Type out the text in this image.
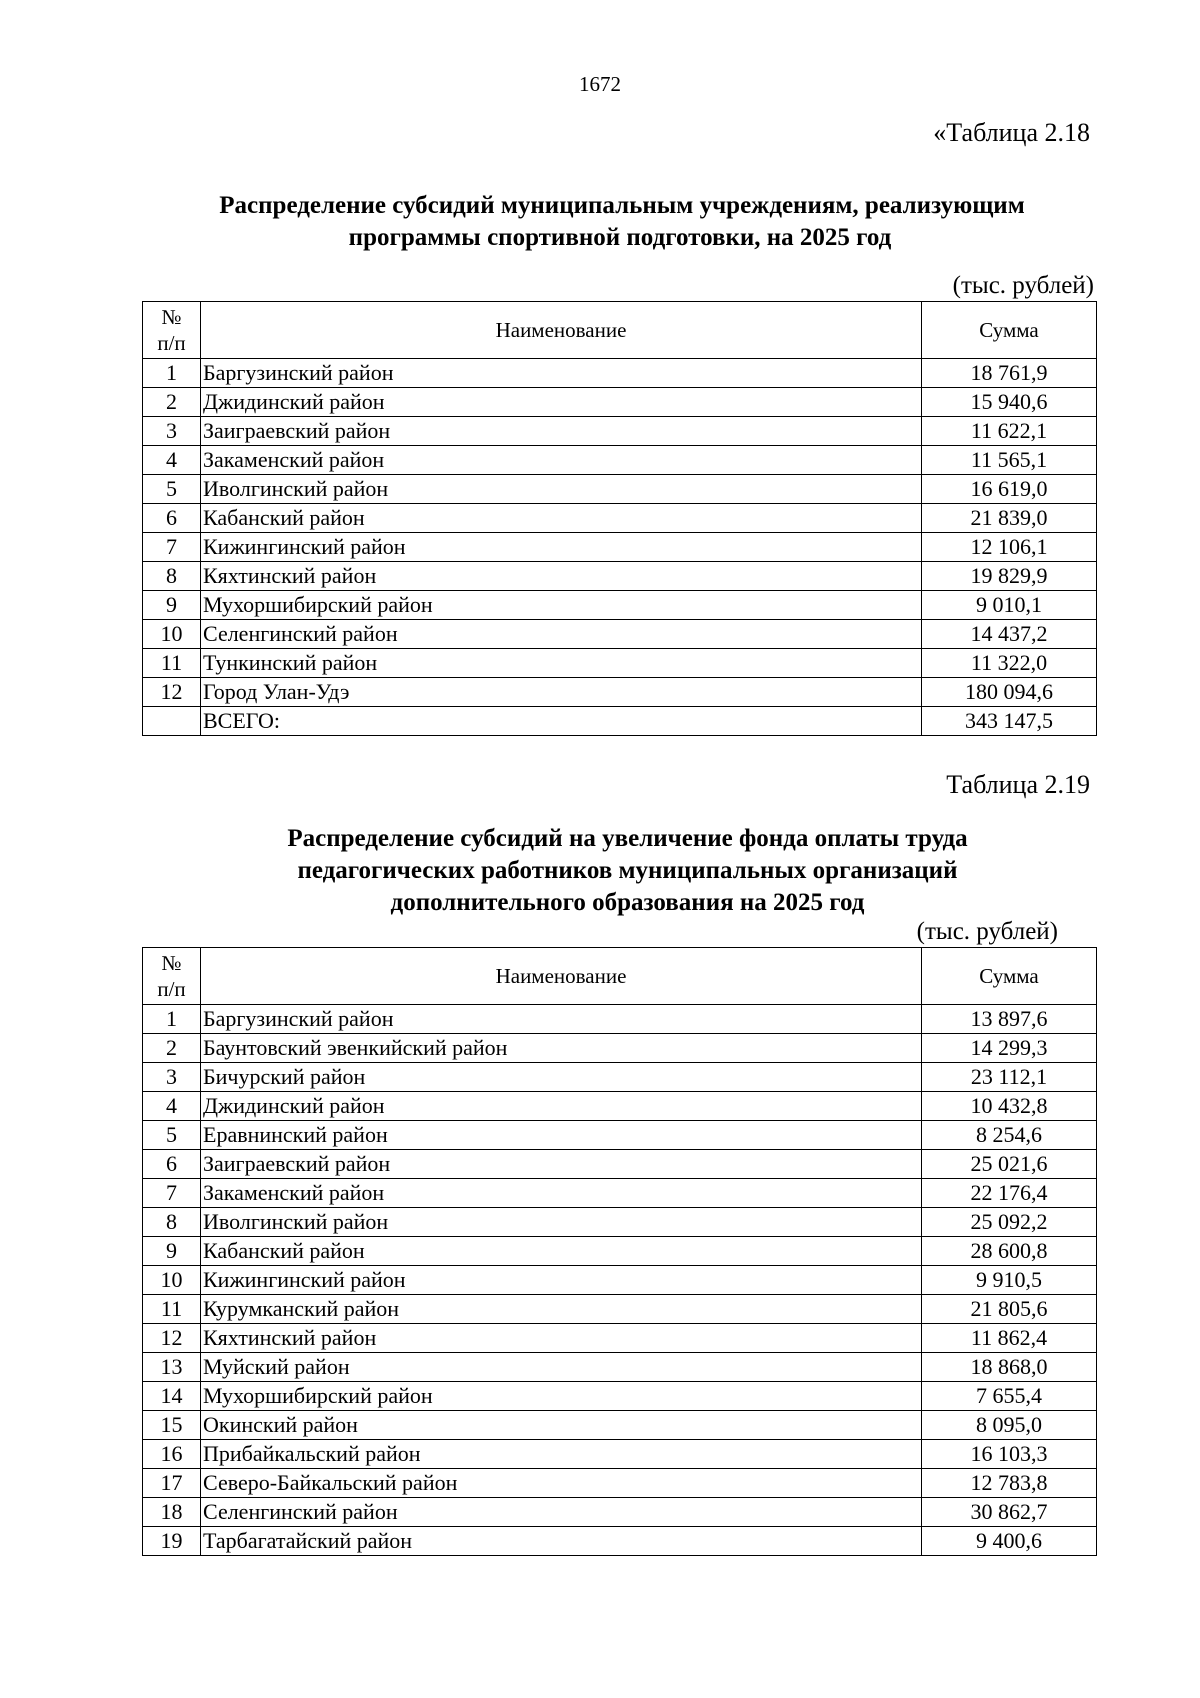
1672
«Таблица 2.18
Распределение субсидий муниципальным учреждениям, реализующим
программы спортивной подготовки, на 2025 год
(тыс. рублей)
№
п/п	Наименование	Сумма
1	Баргузинский район	18 761,9
2	Джидинский район	15 940,6
3	Заиграевский район	11 622,1
4	Закаменский район	11 565,1
5	Иволгинский район	16 619,0
6	Кабанский район	21 839,0
7	Кижингинский район	12 106,1
8	Кяхтинский район	19 829,9
9	Мухоршибирский район	9 010,1
10	Селенгинский район	14 437,2
11	Тункинский район	11 322,0
12	Город Улан-Удэ	180 094,6
	ВСЕГО:	343 147,5
Таблица 2.19
Распределение субсидий на увеличение фонда оплаты труда
педагогических работников муниципальных организаций
дополнительного образования на 2025 год
(тыс. рублей)
№
п/п	Наименование	Сумма
1	Баргузинский район	13 897,6
2	Баунтовский эвенкийский район	14 299,3
3	Бичурский район	23 112,1
4	Джидинский район	10 432,8
5	Еравнинский район	8 254,6
6	Заиграевский район	25 021,6
7	Закаменский район	22 176,4
8	Иволгинский район	25 092,2
9	Кабанский район	28 600,8
10	Кижингинский район	9 910,5
11	Курумканский район	21 805,6
12	Кяхтинский район	11 862,4
13	Муйский район	18 868,0
14	Мухоршибирский район	7 655,4
15	Окинский район	8 095,0
16	Прибайкальский район	16 103,3
17	Северо-Байкальский район	12 783,8
18	Селенгинский район	30 862,7
19	Тарбагатайский район	9 400,6
